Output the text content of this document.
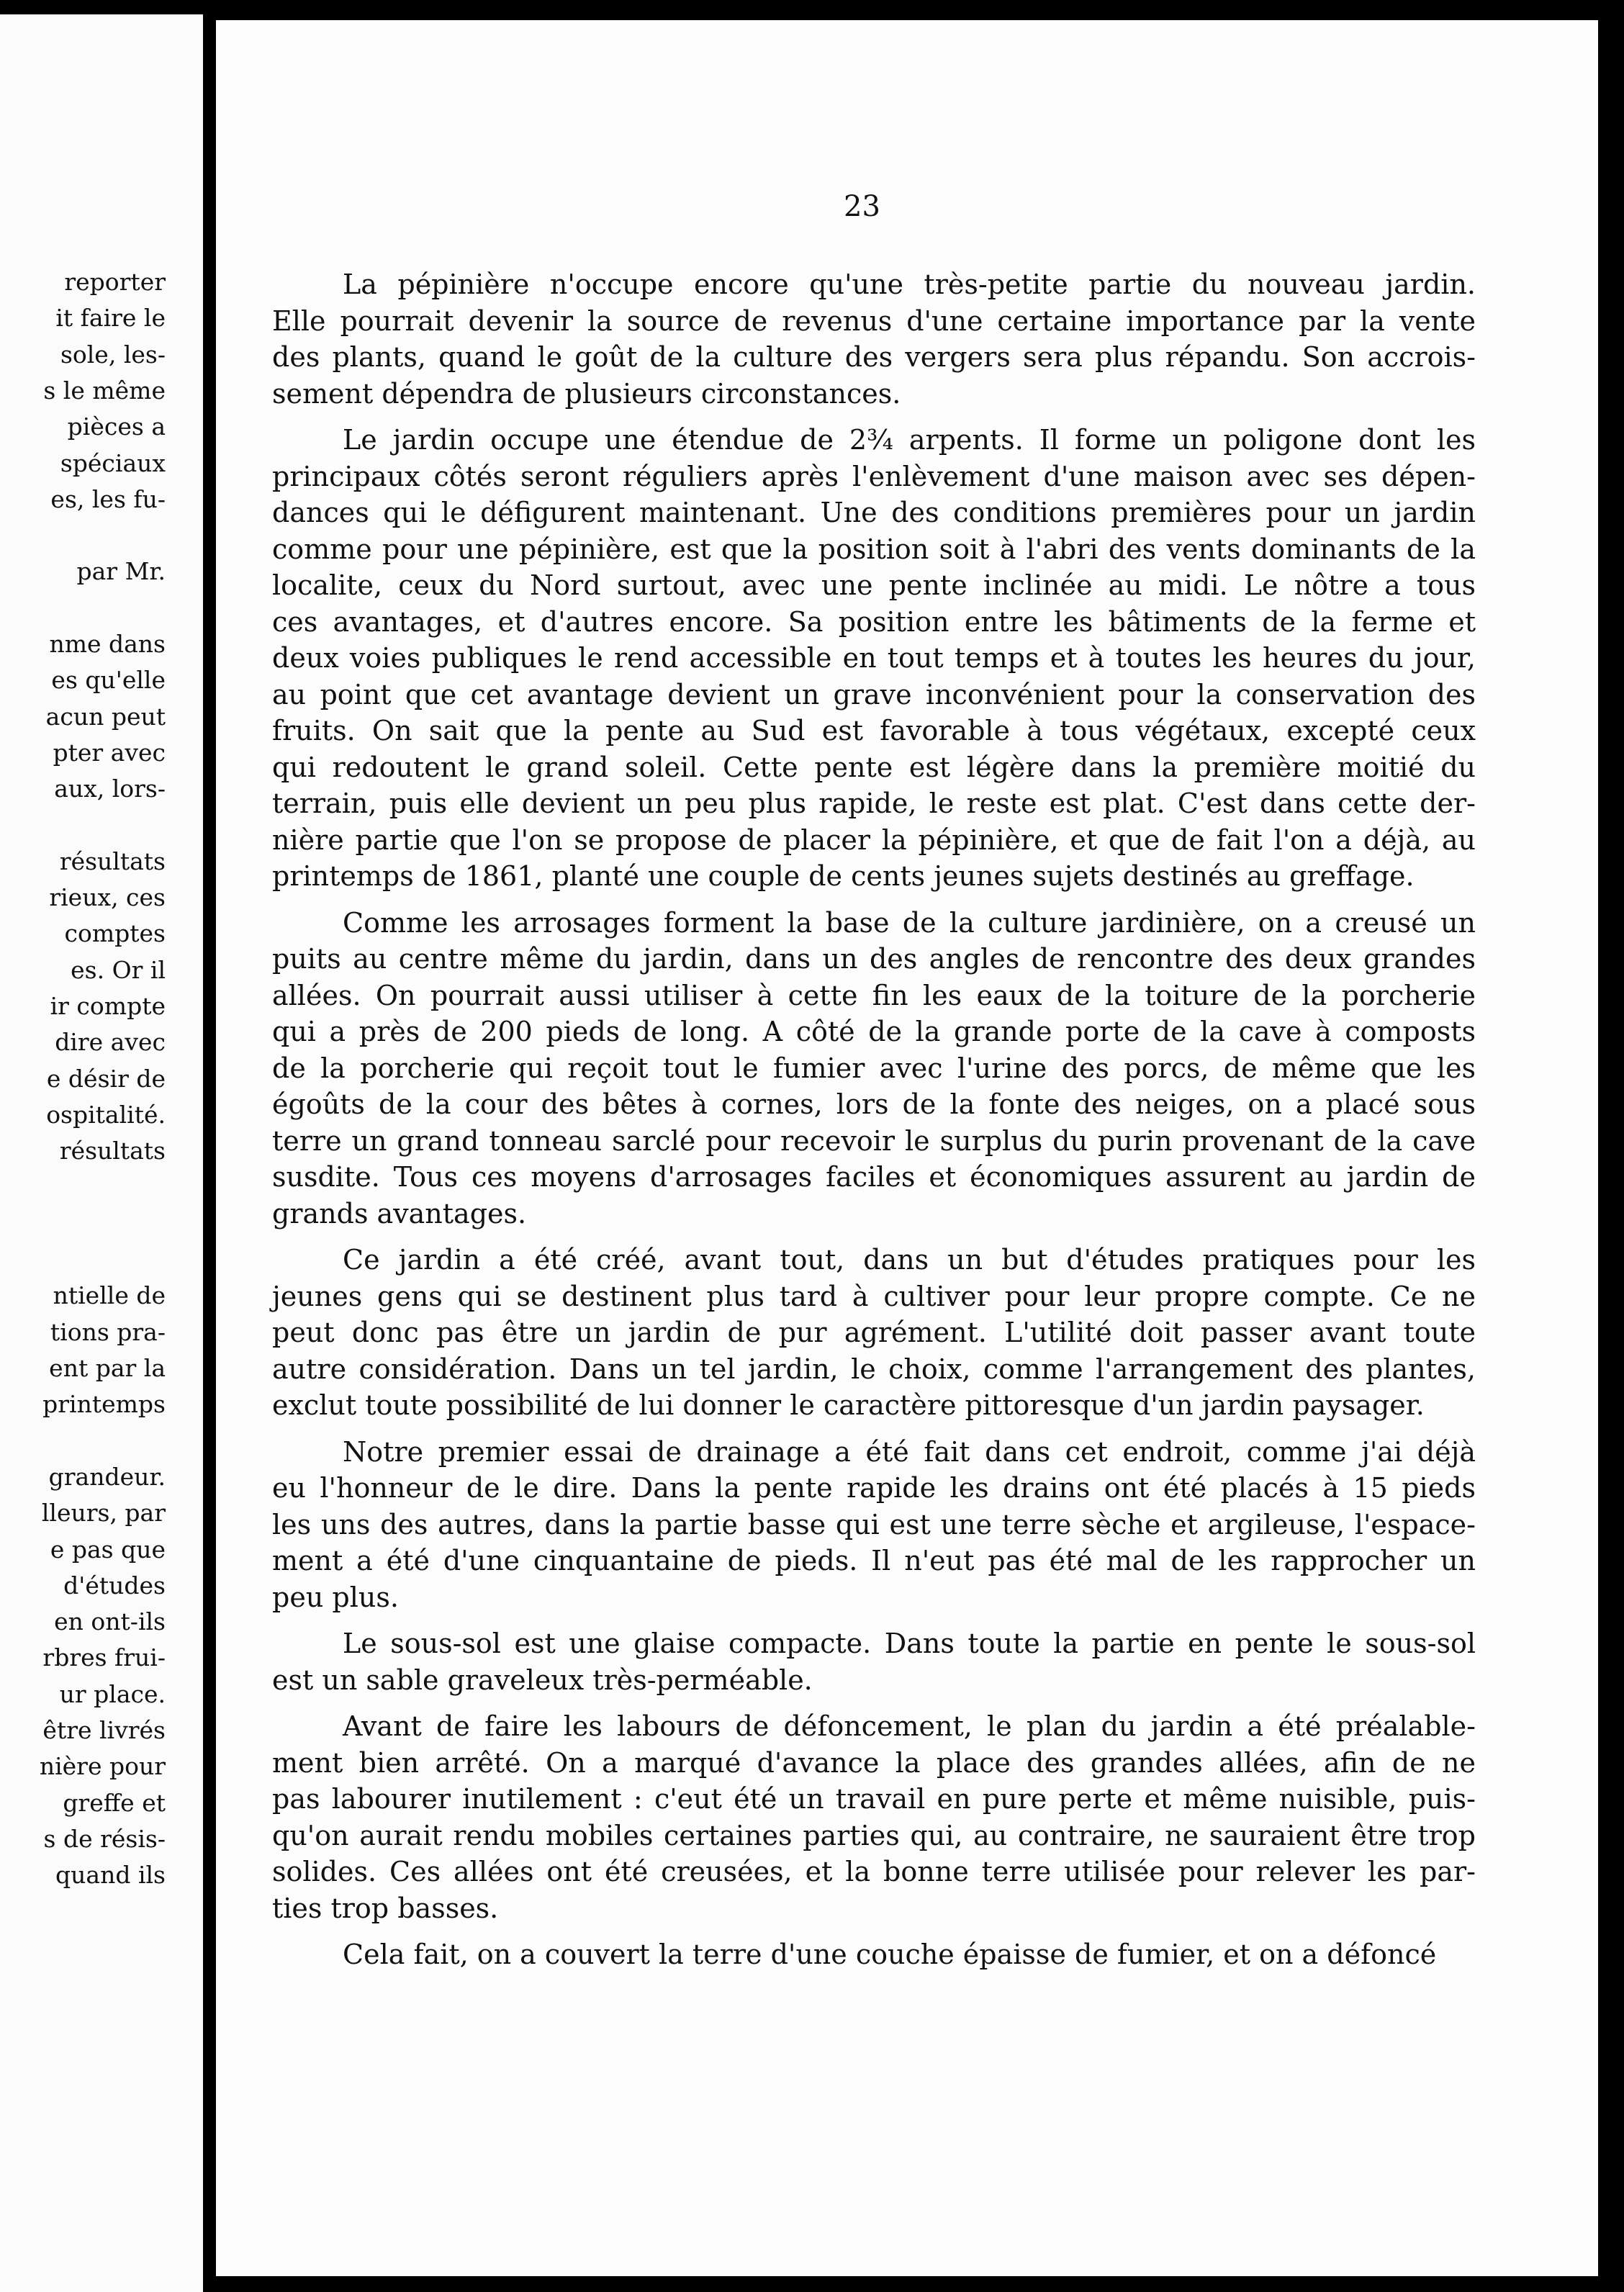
reporter
it faire le
sole, les-
s le même
pièces a
spéciaux
es, les fu-
par Mr.
nme dans
es qu'elle
acun peut
pter avec
aux, lors-
résultats
rieux, ces
comptes
es. Or il
ir compte
dire avec
e désir de
ospitalité.
résultats
ntielle de
tions pra-
ent par la
printemps
grandeur.
lleurs, par
e pas que
d'études
en ont-ils
rbres frui-
ur place.
être livrés
nière pour
greffe et
s de résis-
quand ils
23
La pépinière n'occupe encore qu'une très-petite partie du nouveau jardin.
Elle pourrait devenir la source de revenus d'une certaine importance par la vente
des plants, quand le goût de la culture des vergers sera plus répandu. Son accrois-
sement dépendra de plusieurs circonstances.
Le jardin occupe une étendue de 2¾ arpents. Il forme un poligone dont les
principaux côtés seront réguliers après l'enlèvement d'une maison avec ses dépen-
dances qui le défigurent maintenant. Une des conditions premières pour un jardin
comme pour une pépinière, est que la position soit à l'abri des vents dominants de la
localite, ceux du Nord surtout, avec une pente inclinée au midi. Le nôtre a tous
ces avantages, et d'autres encore. Sa position entre les bâtiments de la ferme et
deux voies publiques le rend accessible en tout temps et à toutes les heures du jour,
au point que cet avantage devient un grave inconvénient pour la conservation des
fruits. On sait que la pente au Sud est favorable à tous végétaux, excepté ceux
qui redoutent le grand soleil. Cette pente est légère dans la première moitié du
terrain, puis elle devient un peu plus rapide, le reste est plat. C'est dans cette der-
nière partie que l'on se propose de placer la pépinière, et que de fait l'on a déjà, au
printemps de 1861, planté une couple de cents jeunes sujets destinés au greffage.
Comme les arrosages forment la base de la culture jardinière, on a creusé un
puits au centre même du jardin, dans un des angles de rencontre des deux grandes
allées. On pourrait aussi utiliser à cette fin les eaux de la toiture de la porcherie
qui a près de 200 pieds de long. A côté de la grande porte de la cave à composts
de la porcherie qui reçoit tout le fumier avec l'urine des porcs, de même que les
égoûts de la cour des bêtes à cornes, lors de la fonte des neiges, on a placé sous
terre un grand tonneau sarclé pour recevoir le surplus du purin provenant de la cave
susdite. Tous ces moyens d'arrosages faciles et économiques assurent au jardin de
grands avantages.
Ce jardin a été créé, avant tout, dans un but d'études pratiques pour les
jeunes gens qui se destinent plus tard à cultiver pour leur propre compte. Ce ne
peut donc pas être un jardin de pur agrément. L'utilité doit passer avant toute
autre considération. Dans un tel jardin, le choix, comme l'arrangement des plantes,
exclut toute possibilité de lui donner le caractère pittoresque d'un jardin paysager.
Notre premier essai de drainage a été fait dans cet endroit, comme j'ai déjà
eu l'honneur de le dire. Dans la pente rapide les drains ont été placés à 15 pieds
les uns des autres, dans la partie basse qui est une terre sèche et argileuse, l'espace-
ment a été d'une cinquantaine de pieds. Il n'eut pas été mal de les rapprocher un
peu plus.
Le sous-sol est une glaise compacte. Dans toute la partie en pente le sous-sol
est un sable graveleux très-perméable.
Avant de faire les labours de défoncement, le plan du jardin a été préalable-
ment bien arrêté. On a marqué d'avance la place des grandes allées, afin de ne
pas labourer inutilement : c'eut été un travail en pure perte et même nuisible, puis-
qu'on aurait rendu mobiles certaines parties qui, au contraire, ne sauraient être trop
solides. Ces allées ont été creusées, et la bonne terre utilisée pour relever les par-
ties trop basses.
Cela fait, on a couvert la terre d'une couche épaisse de fumier, et on a défoncé
